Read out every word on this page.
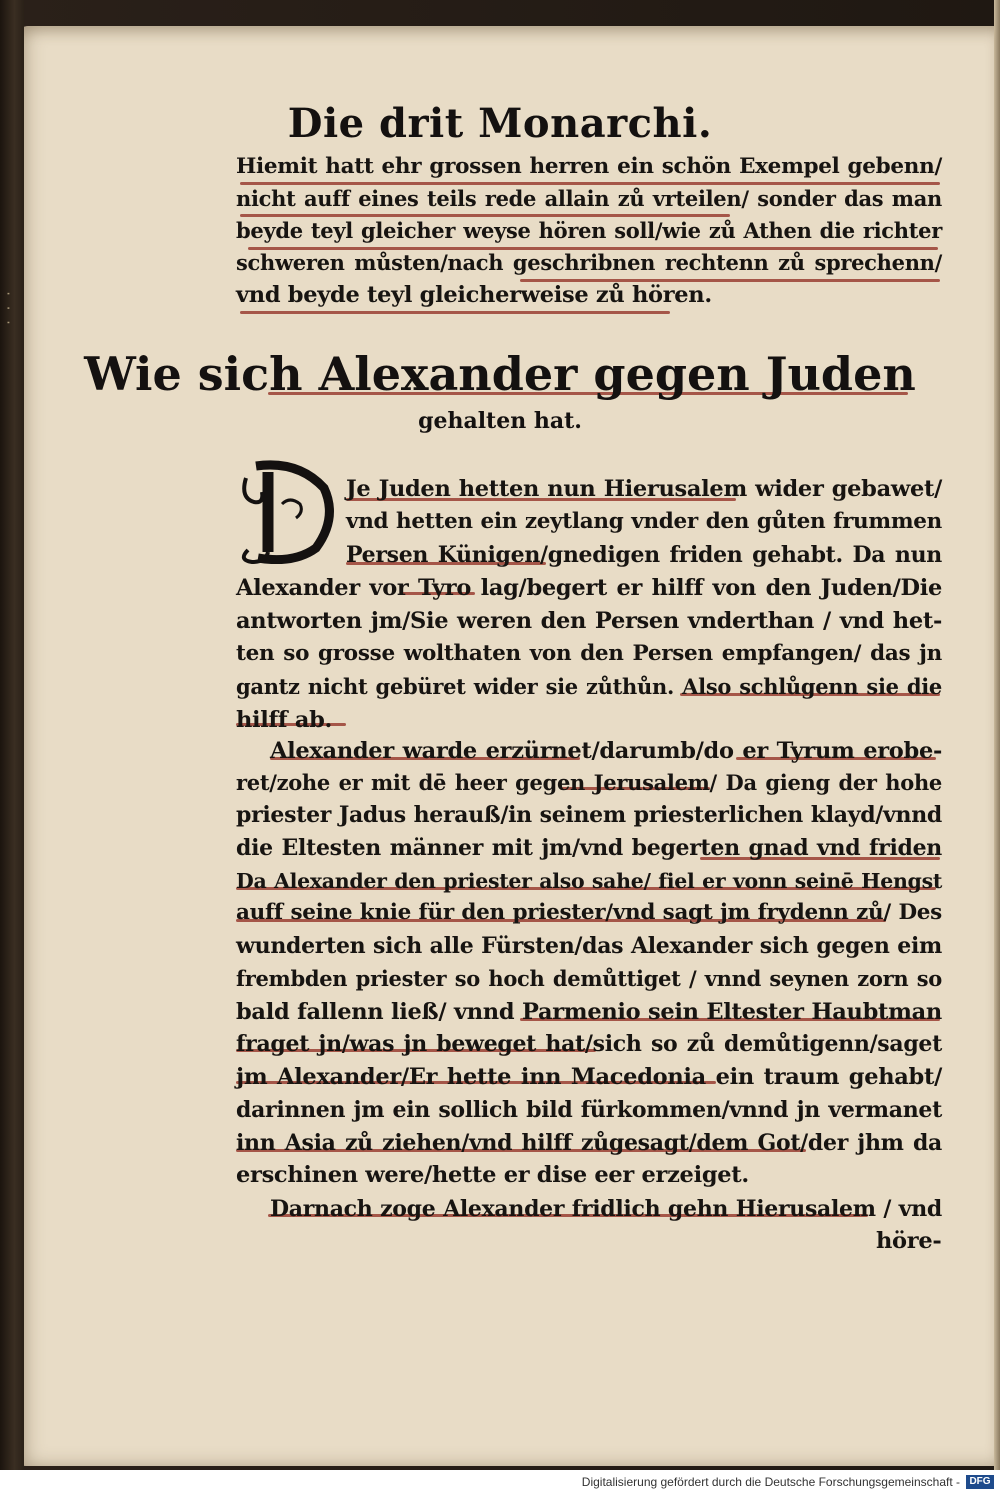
· · ·
Die drit Monarchi.
Hiemit hatt ehr grossen herren ein schön Exempel gebenn/
nicht auff eines teils rede allain zů vrteilen/ sonder das man
beyde teyl gleicher weyse hören soll/wie zů Athen die richter
schweren můsten/nach geschribnen rechtenn zů sprechenn/
vnd beyde teyl gleicherweise zů hören.
Wie sich Alexander gegen Juden
gehalten hat.
Je Juden hetten nun Hierusalem wider gebawet/
vnd hetten ein zeytlang vnder den gůten frummen
Persen Künigen/gnedigen friden gehabt. Da nun
Alexander vor Tyro lag/begert er hilff von den Juden/Die
antworten jm/Sie weren den Persen vnderthan / vnd het-
ten so grosse wolthaten von den Persen empfangen/ das jn
gantz nicht gebüret wider sie zůthůn. Also schlůgenn sie die
hilff ab.
Alexander warde erzürnet/darumb/do er Tyrum erobe-
ret/zohe er mit dē heer gegen Jerusalem/ Da gieng der hohe
priester Jadus herauß/in seinem priesterlichen klayd/vnnd
die Eltesten männer mit jm/vnd begerten gnad vnd friden
Da Alexander den priester also sahe/ fiel er vonn seinē Hengst
auff seine knie für den priester/vnd sagt jm frydenn zů/ Des
wunderten sich alle Fürsten/das Alexander sich gegen eim
frembden priester so hoch demůttiget / vnnd seynen zorn so
bald fallenn ließ/ vnnd Parmenio sein Eltester Haubtman
fraget jn/was jn beweget hat/sich so zů demůtigenn/saget
jm Alexander/Er hette inn Macedonia ein traum gehabt/
darinnen jm ein sollich bild fürkommen/vnnd jn vermanet
inn Asia zů ziehen/vnd hilff zůgesagt/dem Got/der jhm da
erschinen were/hette er dise eer erzeiget.
Darnach zoge Alexander fridlich gehn Hierusalem / vnd
höre-
Digitalisierung gefördert durch die Deutsche Forschungsgemeinschaft - DFG
